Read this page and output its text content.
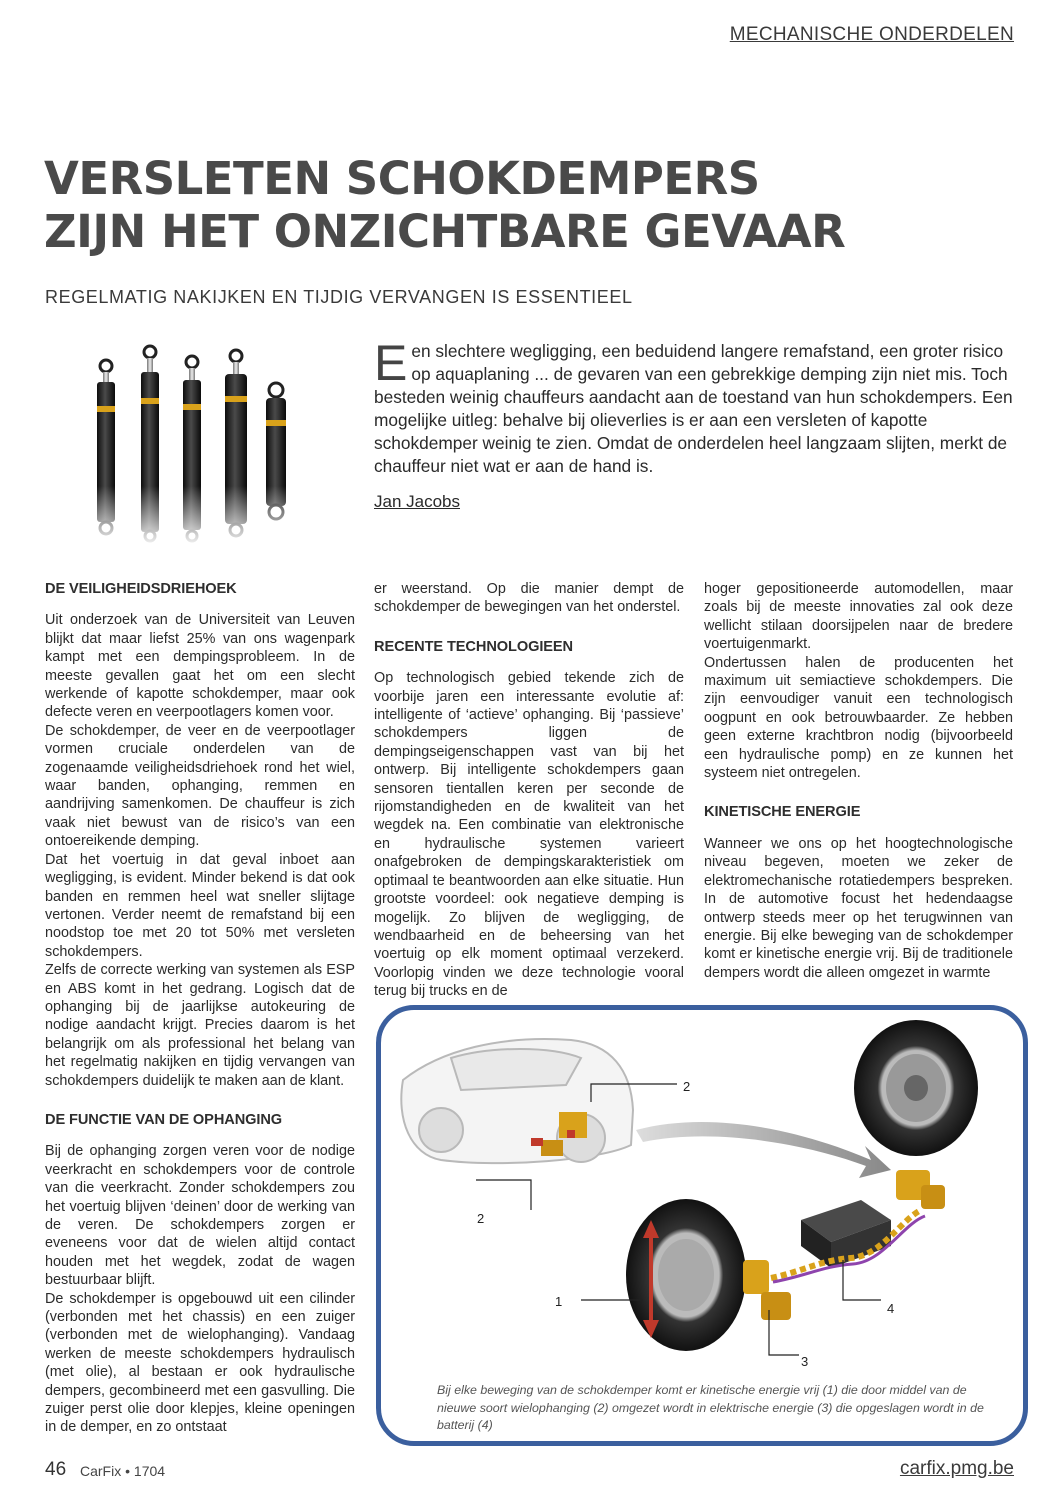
MECHANISCHE ONDERDELEN
VERSLETEN SCHOKDEMPERS
ZIJN HET ONZICHTBARE GEVAAR
REGELMATIG NAKIJKEN EN TIJDIG VERVANGEN IS ESSENTIEEL

Een slechtere wegligging, een beduidend langere remafstand, een groter risico op aquaplaning ... de gevaren van een gebrekkige demping zijn niet mis. Toch besteden weinig chauffeurs aandacht aan de toestand van hun schokdempers. Een mogelijke uitleg: behalve bij olieverlies is er aan een versleten of kapotte schokdemper weinig te zien. Omdat de onderdelen heel langzaam slijten, merkt de chauffeur niet wat er aan de hand is.

Jan Jacobs
DE VEILIGHEIDSDRIEHOEK

Uit onderzoek van de Universiteit van Leuven blijkt dat maar liefst 25% van ons wagenpark kampt met een dempingsprobleem. In de meeste gevallen gaat het om een slecht werkende of kapotte schokdemper, maar ook defecte veren en veerpootlagers komen voor.

De schokdemper, de veer en de veerpootlager vormen cruciale onderdelen van de zogenaamde veiligheidsdriehoek rond het wiel, waar banden, ophanging, remmen en aandrijving samenkomen. De chauffeur is zich vaak niet bewust van de risico’s van een ontoereikende demping.

Dat het voertuig in dat geval inboet aan wegligging, is evident. Minder bekend is dat ook banden en remmen heel wat sneller slijtage vertonen. Verder neemt de remafstand bij een noodstop toe met 20 tot 50% met versleten schokdempers.

Zelfs de correcte werking van systemen als ESP en ABS komt in het gedrang. Logisch dat de ophanging bij de jaarlijkse autokeuring de nodige aandacht krijgt. Precies daarom is het belangrijk om als professional het belang van het regelmatig nakijken en tijdig vervangen van schokdempers duidelijk te maken aan de klant.

DE FUNCTIE VAN DE OPHANGING

Bij de ophanging zorgen veren voor de nodige veerkracht en schokdempers voor de controle van die veerkracht. Zonder schokdempers zou het voertuig blijven ‘deinen’ door de werking van de veren. De schokdempers zorgen er eveneens voor dat de wielen altijd contact houden met het wegdek, zodat de wagen bestuurbaar blijft.

De schokdemper is opgebouwd uit een cilinder (verbonden met het chassis) en een zuiger (verbonden met de wielophanging). Vandaag werken de meeste schokdempers hydraulisch (met olie), al bestaan er ook hydraulische dempers, gecombineerd met een gasvulling. Die zuiger perst olie door klepjes, kleine openingen in de demper, en zo ontstaat

er weerstand. Op die manier dempt de schokdemper de bewegingen van het onderstel.

RECENTE TECHNOLOGIEEN

Op technologisch gebied tekende zich de voorbije jaren een interessante evolutie af: intelligente of ‘actieve’ ophanging. Bij ‘passieve’ schokdempers liggen de dempingseigenschappen vast van bij het ontwerp. Bij intelligente schokdempers gaan sensoren tientallen keren per seconde de rijomstandigheden en de kwaliteit van het wegdek na. Een combinatie van elektronische en hydraulische systemen varieert onafgebroken de dempingskarakteristiek om optimaal te beantwoorden aan elke situatie. Hun grootste voordeel: ook negatieve demping is mogelijk. Zo blijven de wegligging, de wendbaarheid en de beheersing van het voertuig op elk moment optimaal verzekerd. Voorlopig vinden we deze technologie vooral terug bij trucks en de

hoger gepositioneerde automodellen, maar zoals bij de meeste innovaties zal ook deze wellicht stilaan doorsijpelen naar de bredere voertuigenmarkt.

Ondertussen halen de producenten het maximum uit semiactieve schokdempers. Die zijn eenvoudiger vanuit een technologisch oogpunt en ook betrouwbaarder. Ze hebben geen externe krachtbron nodig (bijvoorbeeld een hydraulische pomp) en ze kunnen het systeem niet ontregelen.

KINETISCHE ENERGIE

Wanneer we ons op het hoogtechnologische niveau begeven, moeten we zeker de elektromechanische rotatiedempers bespreken. In de automotive focust het hedendaagse ontwerp steeds meer op het terugwinnen van energie. Bij elke beweging van de schokdemper komt er kinetische energie vrij. Bij de traditionele dempers wordt die alleen omgezet in warmte

2
2
1
3
4
Bij elke beweging van de schokdemper komt er kinetische energie vrij (1) die door middel van de nieuwe soort wielophanging (2) omgezet wordt in elektrische energie (3) die opgeslagen wordt in de batterij (4)
46 CarFix • 1704	carfix.pmg.be
